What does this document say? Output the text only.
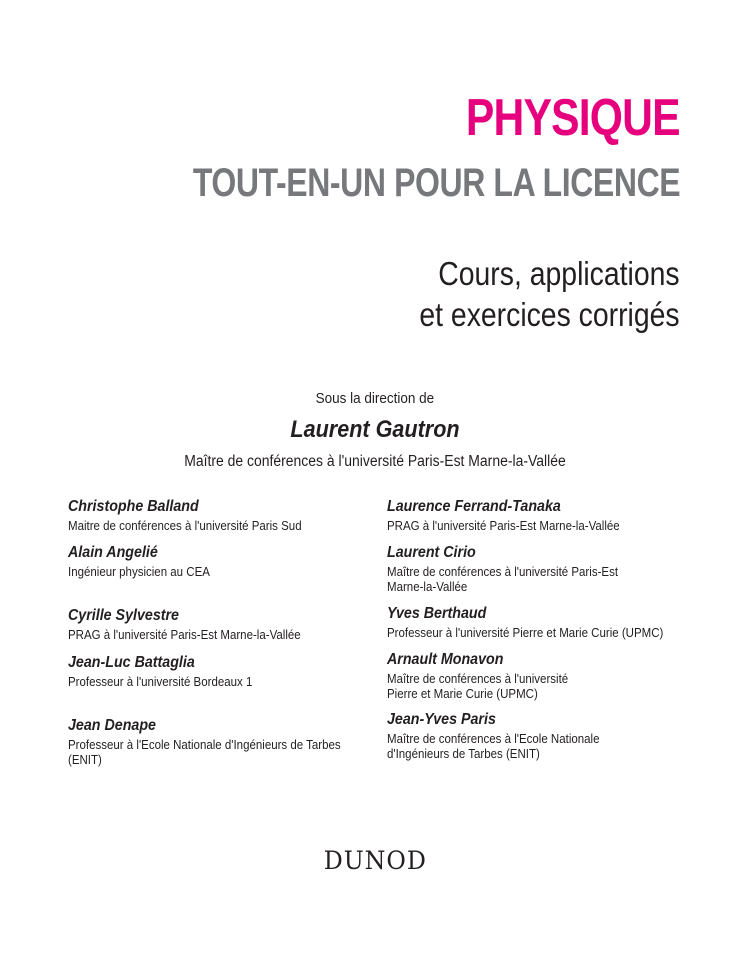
PHYSIQUE
TOUT-EN-UN POUR LA LICENCE
Cours, applications
et exercices corrigés
Sous la direction de
Laurent Gautron
Maître de conférences à l'université Paris-Est Marne-la-Vallée
Christophe Balland
Maitre de conférences à l'université Paris Sud
Alain Angelié
Ingénieur physicien au CEA
Cyrille Sylvestre
PRAG à l'université Paris-Est Marne-la-Vallée
Jean-Luc Battaglia
Professeur à l'université Bordeaux 1
Jean Denape
Professeur à l'Ecole Nationale d'Ingénieurs de Tarbes
(ENIT)
Laurence Ferrand-Tanaka
PRAG à l'université Paris-Est Marne-la-Vallée
Laurent Cirio
Maître de conférences à l'université Paris-Est
Marne-la-Vallée
Yves Berthaud
Professeur à l'université Pierre et Marie Curie (UPMC)
Arnault Monavon
Maître de conférences à l'université
Pierre et Marie Curie (UPMC)
Jean-Yves Paris
Maître de conférences à l'Ecole Nationale
d'Ingénieurs de Tarbes (ENIT)
DUNOD
